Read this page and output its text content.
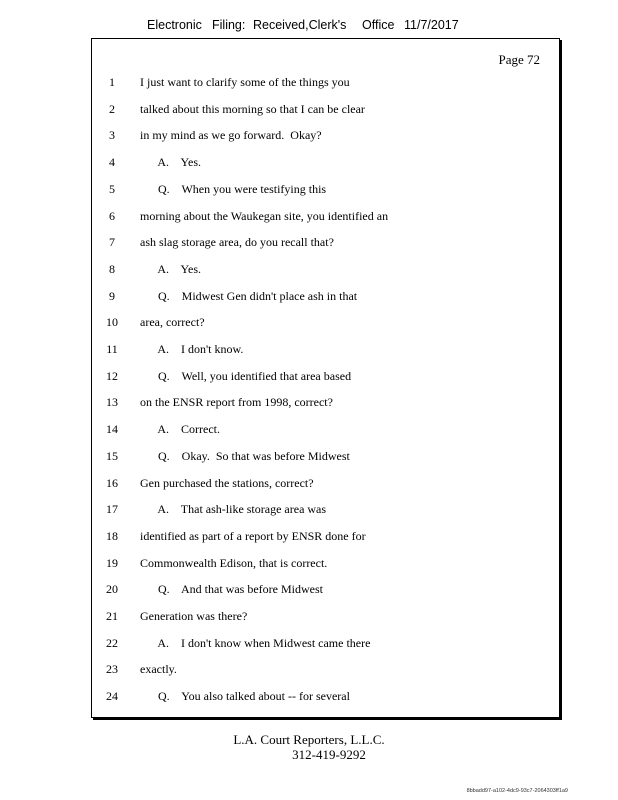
Electronic Filing: Received,Clerk's Office 11/7/2017
Page 72
1	I just want to clarify some of the things you
2	talked about this morning so that I can be clear
3	in my mind as we go forward.  Okay?
4	A.    Yes.
5	Q.    When you were testifying this
6	morning about the Waukegan site, you identified an
7	ash slag storage area, do you recall that?
8	A.    Yes.
9	Q.    Midwest Gen didn't place ash in that
10	area, correct?
11	A.    I don't know.
12	Q.    Well, you identified that area based
13	on the ENSR report from 1998, correct?
14	A.    Correct.
15	Q.    Okay.  So that was before Midwest
16	Gen purchased the stations, correct?
17	A.    That ash-like storage area was
18	identified as part of a report by ENSR done for
19	Commonwealth Edison, that is correct.
20	Q.    And that was before Midwest
21	Generation was there?
22	A.    I don't know when Midwest came there
23	exactly.
24	Q.    You also talked about -- for several
L.A. Court Reporters, L.L.C.
312-419-9292
8bbadd97-a102-4dc9-93c7-2064303ff1a9
